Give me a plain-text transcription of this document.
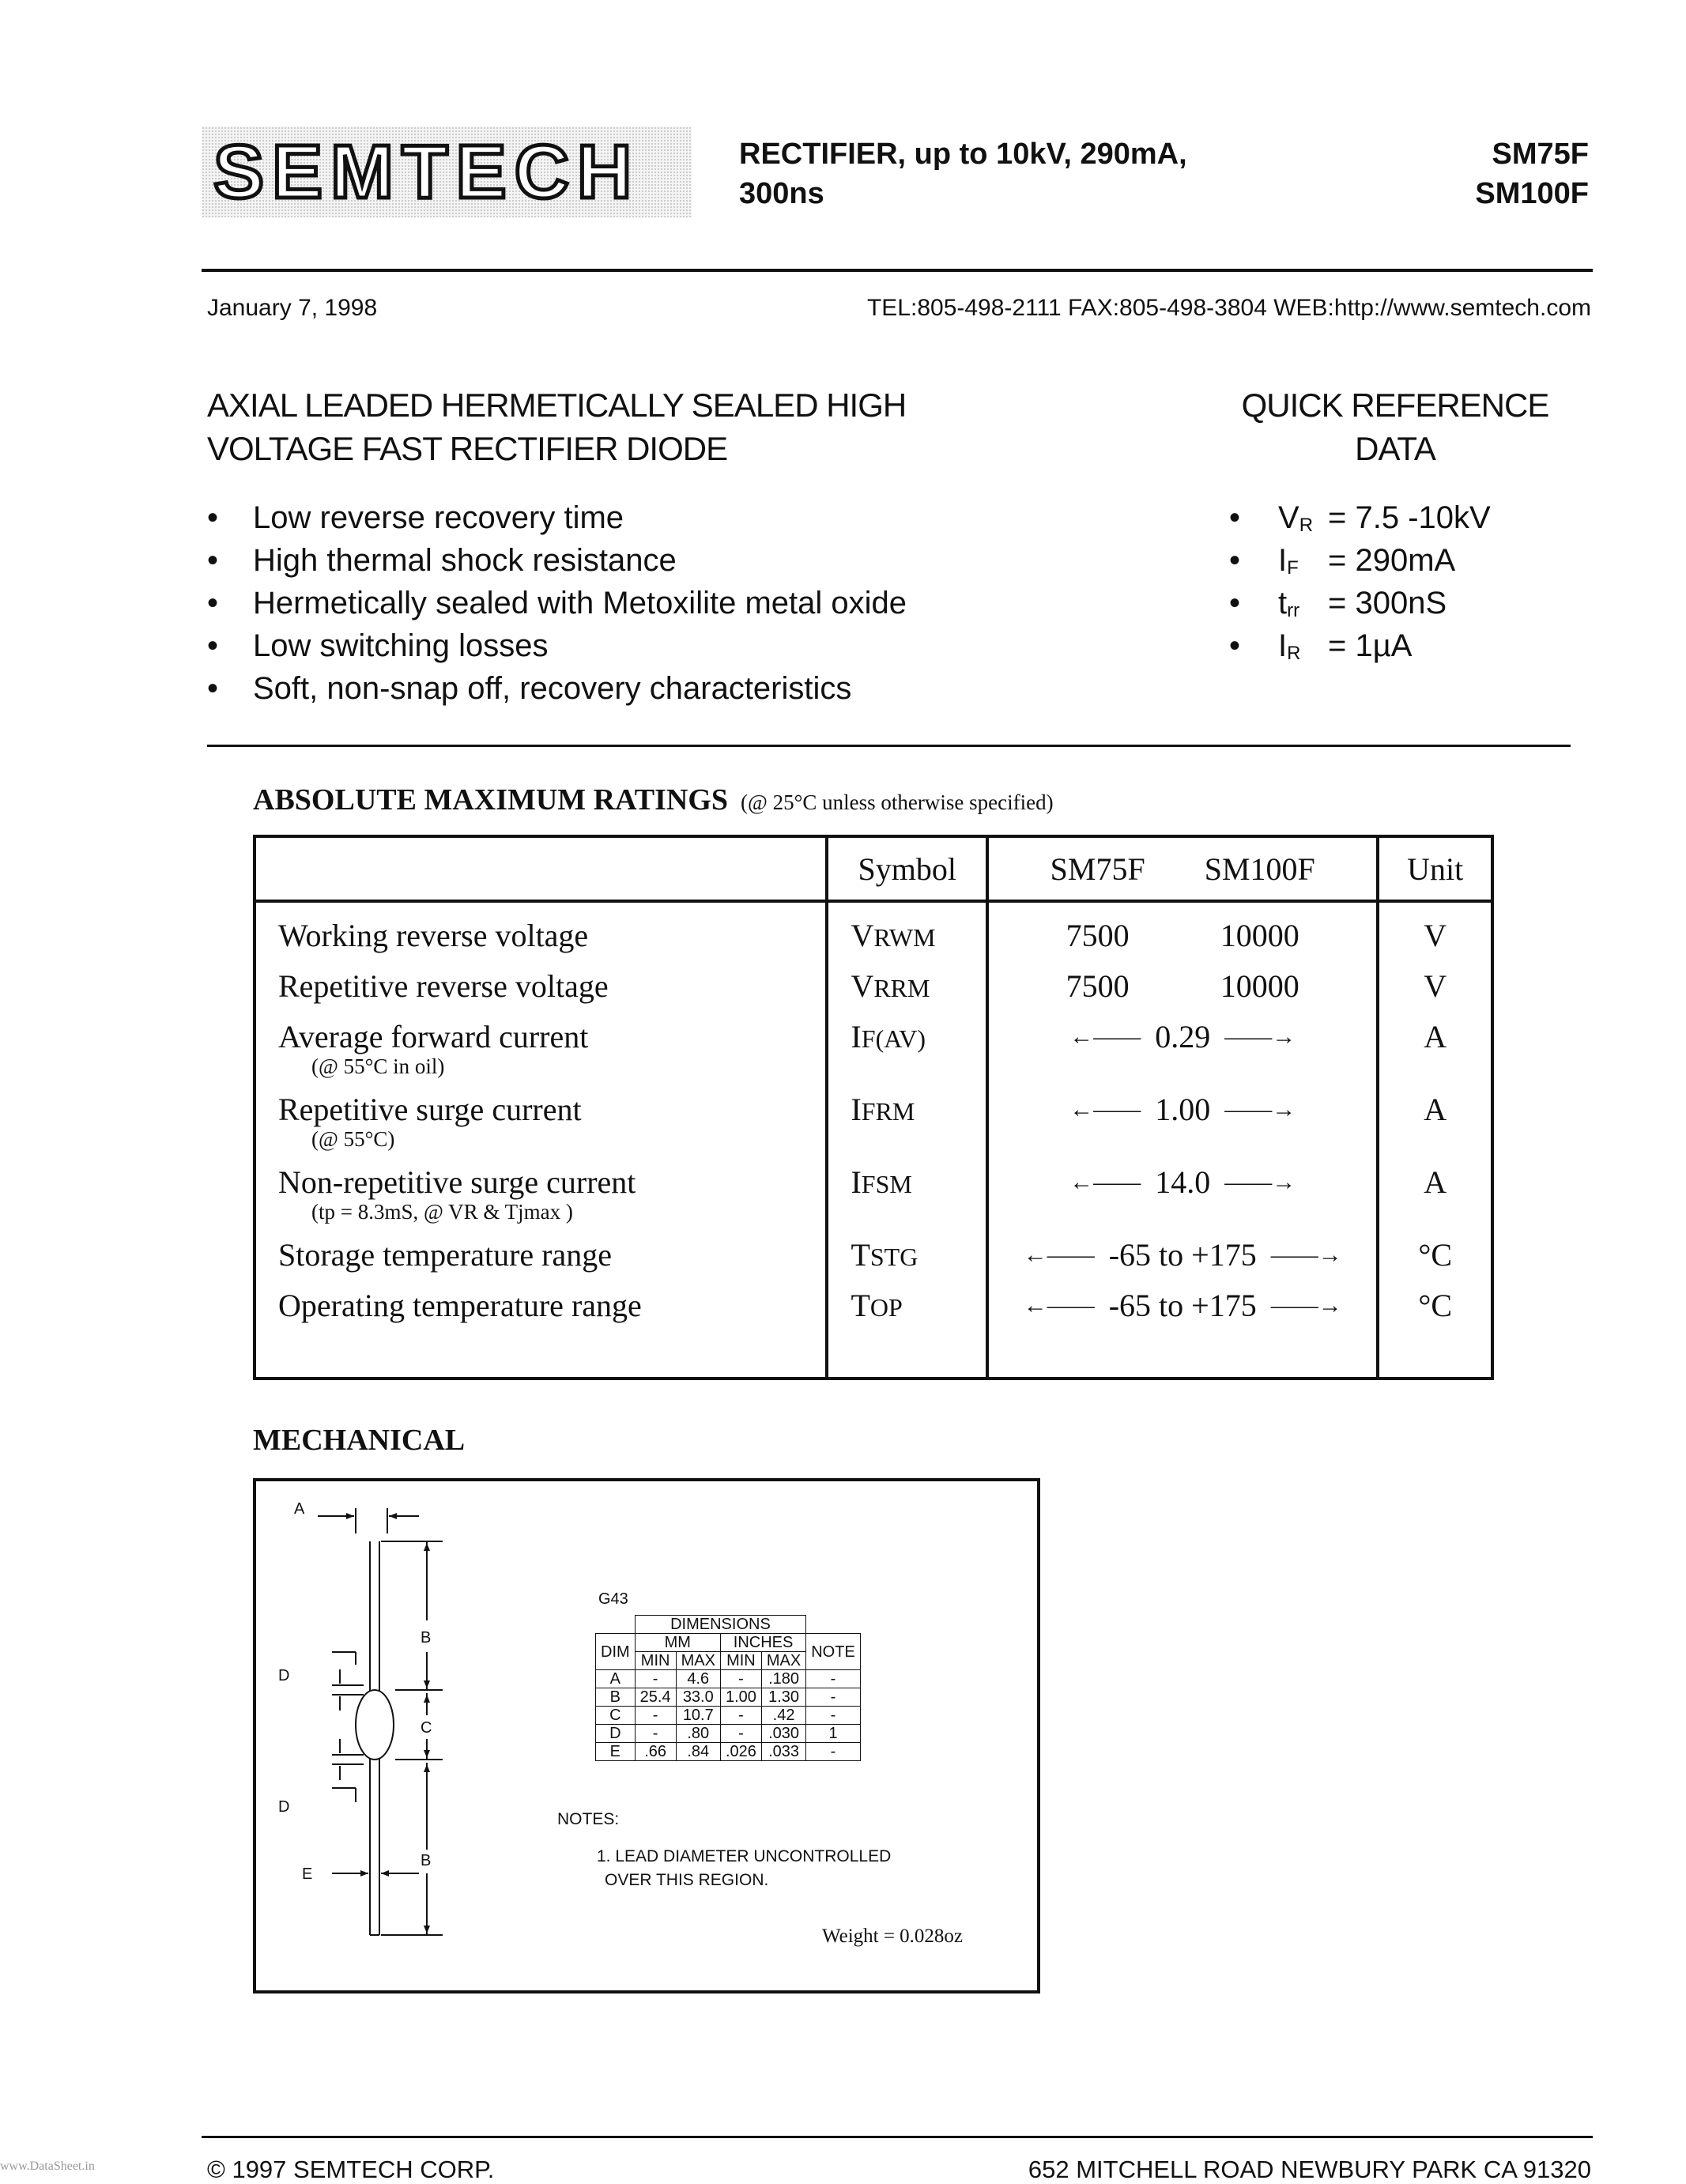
SEMTECH	RECTIFIER, up to 10kV, 290mA,
300ns
SM75F
SM100F
January 7, 1998	TEL:805-498-2111 FAX:805-498-3804 WEB:http://www.semtech.com
AXIAL LEADED HERMETICALLY SEALED HIGH
VOLTAGE FAST RECTIFIER DIODE
QUICK REFERENCE
DATA
• Low reverse recovery time
• High thermal shock resistance
• Hermetically sealed with Metoxilite metal oxide
• Low switching losses
• Soft, non-snap off, recovery characteristics
• $V_R = 7.5$ -10kV
• $I_F = 290mA$
• $t_{rr} = 300nS$
• $I_R = 1\mu A$
ABSOLUTE MAXIMUM RATINGS (@ 25°C unless otherwise specified)
	Symbol	SM75F SM100F	Unit
Working reverse voltage	VRWM	7500 10000	V
Repetitive reverse voltage	VRRM	7500 10000	V
Average forward current
(@ 55°C in oil)	IF(AV)	←—— 0.29 ——→	A
Repetitive surge current
(@ 55°C)	IFRM	←—— 1.00 ——→	A
Non-repetitive surge current
(tp = 8.3mS, @ VR & Tjmax )	IFSM	←—— 14.0 ——→	A
Storage temperature range	TSTG	←—— -65 to +175 ——→	°C
Operating temperature range	TOP	←—— -65 to +175 ——→	°C

MECHANICAL
A
B
C
D
D
B
E
G43
	DIMENSIONS				
DIM	MM		INCHES		NOTE
	MIN	MAX	MIN	MAX	
A	-	4.6	-	.180	-
B	25.4	33.0	1.00	1.30	-
C	-	10.7	-	.42	-
D	-	.80	-	.030	1
E	.66	.84	.026	.033	-
NOTES:
1. LEAD DIAMETER UNCONTROLLED
OVER THIS REGION.
Weight = 0.028oz
© 1997 SEMTECH CORP.	652 MITCHELL ROAD NEWBURY PARK CA 91320
www.DataSheet.in
